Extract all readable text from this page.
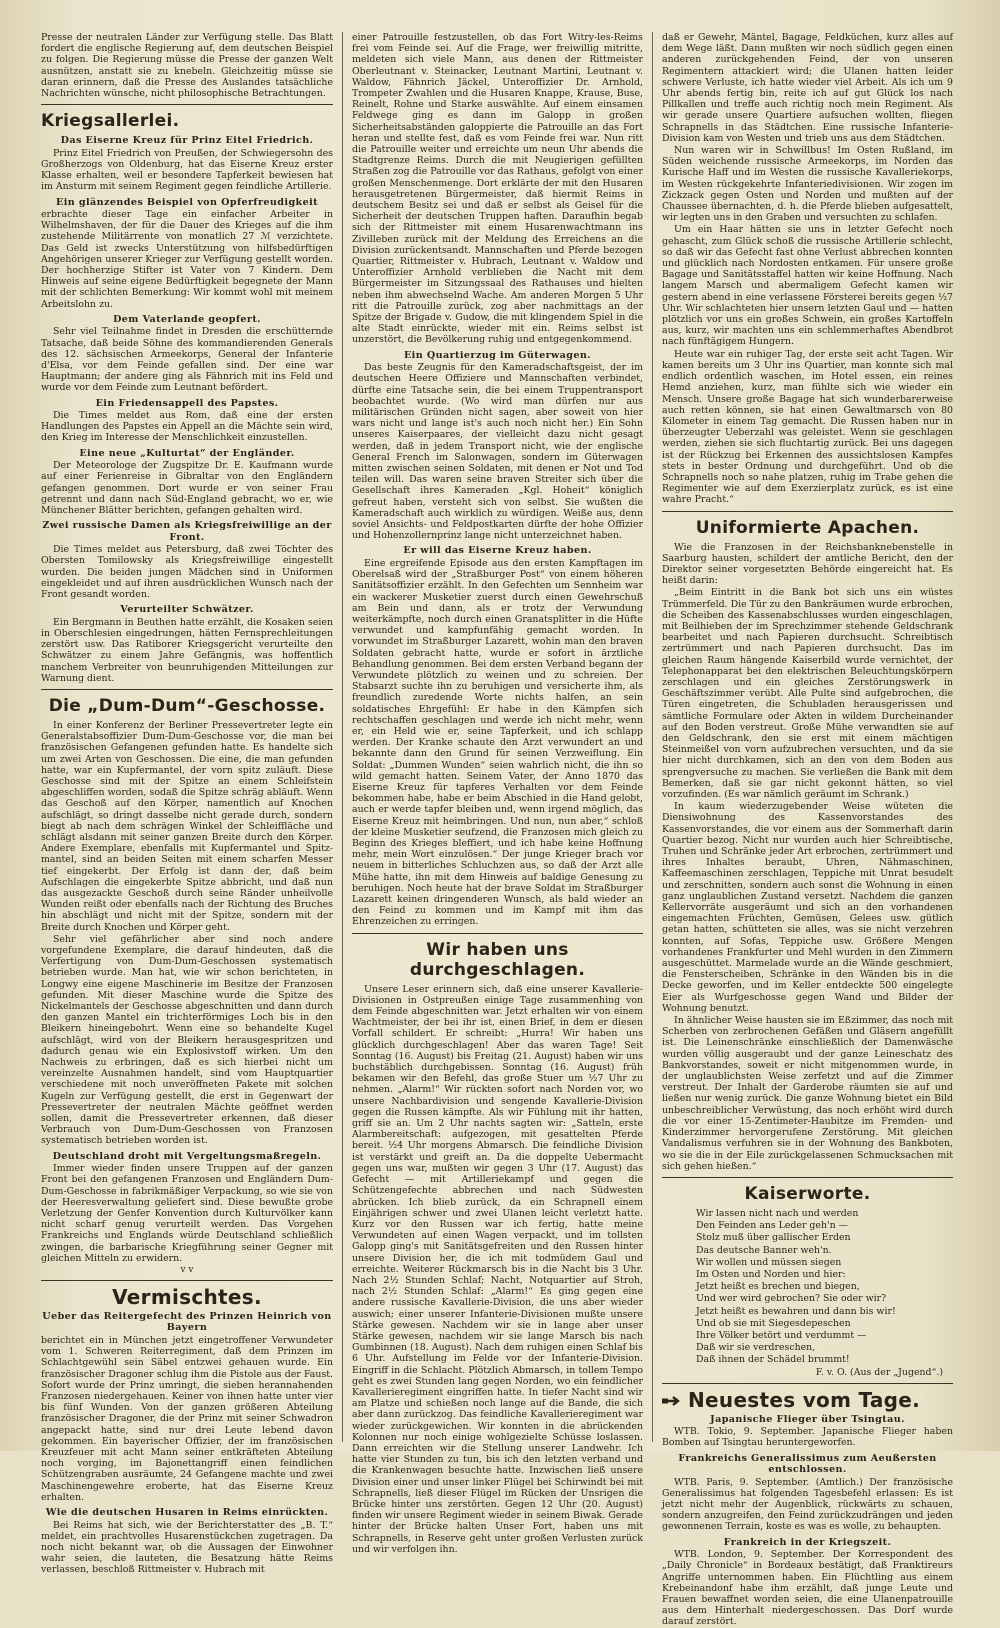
Presse der neutralen Länder zur Verfügung stelle. Das Blatt fordert die englische Regierung auf, dem deutschen Beispiel zu folgen. Die Regierung müsse die Presse der ganzen Welt ausnützen, anstatt sie zu knebeln. Gleichzeitig müsse sie daran erinnern, daß die Presse des Auslandes tatsächliche Nachrichten wünsche, nicht philosophische Betrachtungen.

Kriegsallerlei.
Das Eiserne Kreuz für Prinz Eitel Friedrich.

Prinz Eitel Friedrich von Preußen, der Schwiegersohn des Großherzogs von Oldenburg, hat das Eiserne Kreuz erster Klasse erhalten, weil er besondere Tapferkeit bewiesen hat im Ansturm mit seinem Regiment gegen feindliche Artillerie.

Ein glänzendes Beispiel von Opferfreudigkeit

erbrachte dieser Tage ein einfacher Arbeiter in Wilhelmshaven, der für die Dauer des Krieges auf die ihm zustehende Militärrente von monatlich 27 ℳ verzichtete. Das Geld ist zwecks Unterstützung von hilfsbedürftigen Angehörigen unserer Krieger zur Verfügung gestellt worden. Der hochherzige Stifter ist Vater von 7 Kindern. Dem Hinweis auf seine eigene Bedürftigkeit begegnete der Mann mit der schlichten Bemerkung: Wir kommt wohl mit meinem Arbeitslohn zu.

Dem Vaterlande geopfert.

Sehr viel Teilnahme findet in Dresden die erschütternde Tatsache, daß beide Söhne des kommandierenden Generals des 12. sächsischen Armeekorps, General der Infanterie d'Elsa, vor dem Feinde gefallen sind. Der eine war Hauptmann; der andere ging als Fähnrich mit ins Feld und wurde vor dem Feinde zum Leutnant befördert.

Ein Friedensappell des Papstes.

Die Times meldet aus Rom, daß eine der ersten Handlungen des Papstes ein Appell an die Mächte sein wird, den Krieg im Interesse der Menschlichkeit einzustellen.

Eine neue „Kulturtat“ der Engländer.

Der Meteorologe der Zugspitze Dr. E. Kaufmann wurde auf einer Ferienreise in Gibraltar von den Engländern gefangen genommen. Dort wurde er von seiner Frau getrennt und dann nach Süd-England gebracht, wo er, wie Münchener Blätter berichten, gefangen gehalten wird.

Zwei russische Damen als Kriegsfreiwillige an der Front.

Die Times meldet aus Petersburg, daß zwei Töchter des Obersten Tomilowsky als Kriegsfreiwillige eingestellt wurden. Die beiden jungen Mädchen sind in Uniformen eingekleidet und auf ihren ausdrücklichen Wunsch nach der Front gesandt worden.

Verurteilter Schwätzer.

Ein Bergmann in Beuthen hatte erzählt, die Kosaken seien in Oberschlesien eingedrungen, hätten Fernsprechleitungen zerstört usw. Das Ratiborer Kriegsgericht verurteilte den Schwätzer zu einem Jahre Gefängnis, was hoffentlich manchem Verbreiter von beunruhigenden Mitteilungen zur Warnung dient.

Die „Dum-Dum“-Geschosse.

In einer Konferenz der Berliner Pressevertreter legte ein Generalstabsoffizier Dum-Dum-Geschosse vor, die man bei französischen Gefangenen gefunden hatte. Es handelte sich um zwei Arten von Geschossen. Die eine, die man gefunden hatte, war ein Kupfermantel, der vorn spitz zuläuft. Diese Geschosse sind mit der Spitze an einem Schleifstein abgeschliffen worden, sodaß die Spitze schräg abläuft. Wenn das Geschoß auf den Körper, namentlich auf Knochen aufschlägt, so dringt dasselbe nicht gerade durch, sondern biegt ab nach dem schrägen Winkel der Schleiffläche und schlägt alsdann mit seiner ganzen Breite durch den Körper. Andere Exemplare, ebenfalls mit Kupfermantel und Spitz-mantel, sind an beiden Seiten mit einem scharfen Messer tief eingekerbt. Der Erfolg ist dann der, daß beim Aufschlagen die eingekerbte Spitze abbricht, und daß nun das ausgezackte Geschoß durch seine Ränder unheilvolle Wunden reißt oder ebenfalls nach der Richtung des Bruches hin abschlägt und nicht mit der Spitze, sondern mit der Breite durch Knochen und Körper geht.

Sehr viel gefährlicher aber sind noch andere vorgefundene Exemplare, die darauf hindeuten, daß die Verfertigung von Dum-Dum-Geschossen systematisch betrieben wurde. Man hat, wie wir schon berichteten, in Longwy eine eigene Maschinerie im Besitze der Franzosen gefunden. Mit dieser Maschine wurde die Spitze des Nickelmantels der Geschosse abgeschnitten und dann durch den ganzen Mantel ein trichterförmiges Loch bis in den Bleikern hineingebohrt. Wenn eine so behandelte Kugel aufschlägt, wird von der Bleikern herausgespritzen und dadurch genau wie ein Explosivstoff wirken. Um den Nachweis zu erbringen, daß es sich hierbei nicht um vereinzelte Ausnahmen handelt, sind vom Hauptquartier verschiedene mit noch unveröffneten Pakete mit solchen Kugeln zur Verfügung gestellt, die erst in Gegenwart der Pressevertreter der neutralen Mächte geöffnet werden sollen, damit die Pressevertreter erkennen, daß dieser Verbrauch von Dum-Dum-Geschossen von Franzosen systematisch betrieben worden ist.

Deutschland droht mit Vergeltungsmaßregeln.

Immer wieder finden unsere Truppen auf der ganzen Front bei den gefangenen Franzosen und Engländern Dum-Dum-Geschosse in fabrikmäßiger Verpackung, so wie sie von der Heeresverwaltung geliefert sind. Diese bewußte grobe Verletzung der Genfer Konvention durch Kulturvölker kann nicht scharf genug verurteilt werden. Das Vorgehen Frankreichs und Englands würde Deutschland schließlich zwingen, die barbarische Kriegführung seiner Gegner mit gleichen Mitteln zu erwidern.

v v
Vermischtes.
Ueber das Reitergefecht des Prinzen Heinrich von Bayern

berichtet ein in München jetzt eingetroffener Verwundeter vom 1. Schweren Reiterregiment, daß dem Prinzen im Schlachtgewühl sein Säbel entzwei gehauen wurde. Ein französischer Dragoner schlug ihm die Pistole aus der Faust. Sofort wurde der Prinz umringt, die sieben herannahenden Franzosen niedergehauen. Keiner von ihnen hatte unter vier bis fünf Wunden. Von der ganzen größeren Abteilung französischer Dragoner, die der Prinz mit seiner Schwadron angepackt hatte, sind nur drei Leute lebend davon gekommen. Ein bayerischer Offizier, der im französischen Kreuzfeuer mit acht Mann seiner entkräfteten Abteilung noch vorging, im Bajonettangriff einen feindlichen Schützengraben ausräumte, 24 Gefangene machte und zwei Maschinengewehre eroberte, hat das Eiserne Kreuz erhalten.

Wie die deutschen Husaren in Reims einrückten.

Bei Reims hat sich, wie der Berichterstatter des „B. T.“ meldet, ein prachtvolles Husarenstückchen zugetragen. Da noch nicht bekannt war, ob die Aussagen der Einwohner wahr seien, die lauteten, die Besatzung hätte Reims verlassen, beschloß Rittmeister v. Hubrach mit

einer Patrouille festzustellen, ob das Fort Witry-les-Reims frei vom Feinde sei. Auf die Frage, wer freiwillig mitritte, meldeten sich viele Mann, aus denen der Rittmeister Oberleutnant v. Steinacker, Leutnant Martini, Leutnant v. Waldow, Fähnrich Jäckel, Unteroffizier Dr. Arnhold, Trompeter Zwahlen und die Husaren Knappe, Krause, Buse, Reinelt, Rohne und Starke auswählte. Auf einem einsamen Feldwege ging es dann im Galopp in großen Sicherheitsabständen galoppierte die Patrouille an das Fort heran und stellte fest, daß es vom Feinde frei war. Nun ritt die Patrouille weiter und erreichte um neun Uhr abends die Stadtgrenze Reims. Durch die mit Neugierigen gefüllten Straßen zog die Patrouille vor das Rathaus, gefolgt von einer großen Menschenmenge. Dort erklärte der mit den Husaren herausgetretenen Bürgermeister, daß hiermit Reims in deutschem Besitz sei und daß er selbst als Geisel für die Sicherheit der deutschen Truppen haften. Daraufhin begab sich der Rittmeister mit einem Husarenwachtmann ins Zivilleben zurück mit der Meldung des Erreichens an die Division zurückentsandt. Mannschaften und Pferde bezogen Quartier, Rittmeister v. Hubrach, Leutnant v. Waldow und Unteroffizier Arnhold verblieben die Nacht mit dem Bürgermeister im Sitzungssaal des Rathauses und hielten neben ihm abwechselnd Wache. Am anderen Morgen 5 Uhr ritt die Patrouille zurück, zog aber nachmittags an der Spitze der Brigade v. Gudow, die mit klingendem Spiel in die alte Stadt einrückte, wieder mit ein. Reims selbst ist unzerstört, die Bevölkerung ruhig und entgegenkommend.

Ein Quartierzug im Güterwagen.

Das beste Zeugnis für den Kameradschaftsgeist, der im deutschen Heere Offiziere und Mannschaften verbindet, dürfte eine Tatsache sein, die bei einem Truppentransport beobachtet wurde. (Wo wird man dürfen nur aus militärischen Gründen nicht sagen, aber soweit von hier wars nicht und lange ist's auch noch nicht her.) Ein Sohn unseres Kaiserpaares, der vielleicht dazu nicht gesagt werden, daß in jedem Transport nicht, wie der englische General French im Salonwagen, sondern im Güterwagen mitten zwischen seinen Soldaten, mit denen er Not und Tod teilen will. Das waren seine braven Streiter sich über die Gesellschaft ihres Kameraden „Kgl. Hoheit“ königlich gefreut haben, versteht sich von selbst. Sie wußten die Kameradschaft auch wirklich zu würdigen. Weiße aus, denn soviel Ansichts- und Feldpostkarten dürfte der hohe Offizier und Hohenzollernprinz lange nicht unterzeichnet haben.

Er will das Eiserne Kreuz haben.

Eine ergreifende Episode aus den ersten Kampftagen im Oberelsaß wird der „Straßburger Post“ von einem höheren Sanitätsoffizier erzählt. In den Gefechten um Sennheim war ein wackerer Musketier zuerst durch einen Gewehrschuß am Bein und dann, als er trotz der Verwundung weiterkämpfte, noch durch einen Granatsplitter in die Hüfte verwundet und kampfunfähig gemacht worden. In vorwundet im Straßburger Lazarett, wohin man den braven Soldaten gebracht hatte, wurde er sofort in ärztliche Behandlung genommen. Bei dem ersten Verband begann der Verwundete plötzlich zu weinen und zu schreien. Der Stabsarzt suchte ihn zu beruhigen und versicherte ihm, als freundlich zuredende Worte nichts halfen, an sein soldatisches Ehrgefühl: Er habe in den Kämpfen sich rechtschaffen geschlagen und werde ich nicht mehr, wenn er, ein Held wie er, seine Tapferkeit, und ich schlapp werden. Der Kranke schaute den Arzt verwundert an und bekannte dann den Grund für seinen Verzweiflung. Ein Soldat: „Dummen Wunden“ seien wahrlich nicht, die ihn so wild gemacht hatten. Seinem Vater, der Anno 1870 das Eiserne Kreuz für tapferes Verhalten vor dem Feinde bekommen habe, habe er beim Abschied in die Hand gelobt, auch er werde tapfer bleiben und, wenn irgend möglich, das Eiserne Kreuz mit heimbringen. Und nun, nun aber,“ schloß der kleine Musketier seufzend, die Franzosen mich gleich zu Beginn des Krieges bleffiert, und ich habe keine Hoffnung mehr, mein Wort einzulösen.“ Der junge Krieger brach vor neuem in bitterliches Schluchzen aus, so daß der Arzt alle Mühe hatte, ihn mit dem Hinweis auf baldige Genesung zu beruhigen. Noch heute hat der brave Soldat im Straßburger Lazarett keinen dringenderen Wunsch, als bald wieder an den Feind zu kommen und im Kampf mit ihm das Ehrenzeichen zu erringen.

Wir haben uns durchgeschlagen.

Unsere Leser erinnern sich, daß eine unserer Kavallerie-Divisionen in Ostpreußen einige Tage zusammenhing von dem Feinde abgeschnitten war. Jetzt erhalten wir von einem Wachtmeister, der bei ihr ist, einen Brief, in dem er diesen Vorfall schildert. Er schreibt: „Hurra! Wir haben uns glücklich durchgeschlagen! Aber das waren Tage! Seit Sonntag (16. August) bis Freitag (21. August) haben wir uns buchstäblich durchgebissen. Sonntag (16. August) früh bekamen wir den Befehl, das große Stuer um ½7 Uhr zu nehmen. „Alarm!“ Wir rückten sofort nach Norden vor, wo unsere Nachbardivision und sengende Kavallerie-Division gegen die Russen kämpfte. Als wir Fühlung mit ihr hatten, griff sie an. Um 2 Uhr nachts sagten wir: „Satteln, erste Alarmbereitschaft: aufgezogen, mit gesattelten Pferde bereit. ½4 Uhr morgens Abmarsch. Die feindliche Division ist verstärkt und greift an. Da die doppelte Uebermacht gegen uns war, mußten wir gegen 3 Uhr (17. August) das Gefecht — mit Artilleriekampf und gegen die Schützengefechte abbrechen und nach Südwesten abrücken. Ich blieb zurück, da ein Schrapnell einem Einjährigen schwer und zwei Ulanen leicht verletzt hatte. Kurz vor den Russen war ich fertig, hatte meine Verwundeten auf einen Wagen verpackt, und im tollsten Galopp ging's mit Sanitätsgefreiten und den Russen hinter unsere Division her, die ich mit todmüdem Gaul und erreichte. Weiterer Rückmarsch bis in die Nacht bis 3 Uhr. Nach 2½ Stunden Schlaf; Nacht, Notquartier auf Stroh, nach 2½ Stunden Schlaf: „Alarm!“ Es ging gegen eine andere russische Kavallerie-Division, die uns aber wieder auswich; einer unserer Infanterie-Divisionen mußte unsere Stärke gewesen. Nachdem wir sie in lange aber unser Stärke gewesen, nachdem wir sie lange Marsch bis nach Gumbinnen (18. August). Nach dem ruhigen einen Schlaf bis 6 Uhr. Aufstellung im Felde vor der Infanterie-Division. Eingriff in die Schlacht. Plötzlich Abmarsch, in tollem Tempo geht es zwei Stunden lang gegen Norden, wo ein feindlicher Kavallerieregiment eingriffen hatte. In tiefer Nacht sind wir am Platze und schießen noch lange auf die Bande, die sich aber dann zurückzog. Das feindliche Kavallerieregiment war wieder zurückgewichen. Wir konnten in die abrückenden Kolonnen nur noch einige wohlgezielte Schüsse loslassen. Dann erreichten wir die Stellung unserer Landwehr. Ich hatte vier Stunden zu tun, bis ich den letzten verband und die Krankenwagen besuchte hatte. Inzwischen ließ unsere Division einer und unser linker Flügel bei Schirwindt bei mit Schrapnells, ließ dieser Flügel im Rücken der Unsrigen die Brücke hinter uns zerstörten. Gegen 12 Uhr (20. August) finden wir unsere Regiment wieder in seinem Biwak. Gerade hinter der Brücke halten Unser Fort, haben uns mit Schrapnells, in Reserve geht unter großen Verlusten zurück und wir verfolgen ihn.

daß er Gewehr, Mäntel, Bagage, Feldküchen, kurz alles auf dem Wege läßt. Dann mußten wir noch südlich gegen einen anderen zurückgehenden Feind, der von unseren Regimentern attackiert wird; die Ulanen hatten leider schwere Verluste, ich hatte wieder viel Arbeit. Als ich um 9 Uhr abends fertig bin, reite ich auf gut Glück los nach Pillkallen und treffe auch richtig noch mein Regiment. Als wir gerade unsere Quartiere aufsuchen wollten, fliegen Schrapnells in das Städtchen. Eine russische Infanterie-Division kam von Westen und trieb uns aus dem Städtchen.

Nun waren wir in Schwillbus! Im Osten Rußland, im Süden weichende russische Armeekorps, im Norden das Kurische Haff und im Westen die russische Kavalleriekorps, im Westen rückgekehrte Infanteriedivisionen. Wir zogen im Zickzack gegen Osten und Norden und mußten auf der Chaussee übernachten, d. h. die Pferde blieben aufgesattelt, wir legten uns in den Graben und versuchten zu schlafen.

Um ein Haar hätten sie uns in letzter Gefecht noch gehascht, zum Glück schoß die russische Artillerie schlecht, so daß wir das Gefecht fast ohne Verlust abbrechen konnten und glücklich nach Nordosten entkamen. Für unsere große Bagage und Sanitätsstaffel hatten wir keine Hoffnung. Nach langem Marsch und abermaligem Gefecht kamen wir gestern abend in eine verlassene Försterei bereits gegen ½7 Uhr. Wir schlachteten hier unsern letzten Gaul und — hatten plötzlich vor uns ein großes Schwein, ein großes Kartoffeln aus, kurz, wir machten uns ein schlemmerhaftes Abendbrot nach fünftägigem Hungern.

Heute war ein ruhiger Tag, der erste seit acht Tagen. Wir kamen bereits um 3 Uhr ins Quartier, man konnte sich mal endlich ordentlich waschen, im Hotel essen, ein reines Hemd anziehen, kurz, man fühlte sich wie wieder ein Mensch. Unsere große Bagage hat sich wunderbarerweise auch retten können, sie hat einen Gewaltmarsch von 80 Kilometer in einem Tag gemacht. Die Russen haben nur in überzeugter Ueberzahl was geleistet. Wenn sie geschlagen werden, ziehen sie sich fluchtartig zurück. Bei uns dagegen ist der Rückzug bei Erkennen des aussichtslosen Kampfes stets in bester Ordnung und durchgeführt. Und ob die Schrapnells noch so nahe platzen, ruhig im Trabe gehen die Regimenter wie auf dem Exerzierplatz zurück, es ist eine wahre Pracht.“

Uniformierte Apachen.

Wie die Franzosen in der Reichsbanknebenstelle in Saarburg hausten, schildert der amtliche Bericht, den der Direktor seiner vorgesetzten Behörde eingereicht hat. Es heißt darin:

„Beim Eintritt in die Bank bot sich uns ein wüstes Trümmerfeld. Die Tür zu den Bankräumen wurde erbrochen, die Scheiben des Kassenabschlusses wurden eingeschlagen, mit Beilhieben der im Sprechzimmer stehende Geldschrank bearbeitet und nach Papieren durchsucht. Schreibtisch zertrümmert und nach Papieren durchsucht. Das im gleichen Raum hängende Kaiserbild wurde vernichtet, der Telephonapparat bei den elektrischen Beleuchtungskörpern zerschlagen und ein gleiches Zerstörungswerk in Geschäftszimmer verübt. Alle Pulte sind aufgebrochen, die Türen eingetreten, die Schubladen herausgerissen und sämtliche Formulare oder Akten in wildem Durcheinander auf den Boden verstreut. Große Mühe verwandten sie auf den Geldschrank, den sie erst mit einem mächtigen Steinmeißel von vorn aufzubrechen versuchten, und da sie hier nicht durchkamen, sich an den von dem Boden aus sprengversuche zu machen. Sie verließen die Bank mit dem Bemerken, daß sie gar nicht gekonnt hätten, so viel vorzufinden. (Es war nämlich geräumt im Schrank.)

In kaum wiederzugebender Weise wüteten die Diensiwohnung des Kassenvorstandes des Kassenvorstandes, die vor einem aus der Sommerhaft darin Quartier bezog. Nicht nur wurden auch hier Schreibtische, Truhen und Schränke jeder Art erbrochen, zertrümmert und ihres Inhaltes beraubt, Uhren, Nähmaschinen, Kaffeemaschinen zerschlagen, Teppiche mit Unrat besudelt und zerschnitten, sondern auch sonst die Wohnung in einen ganz unglaublichen Zustand versetzt. Nachdem die ganzen Kellervorräte ausgeräumt und sich an den vorhandenen eingemachten Früchten, Gemüsen, Gelees usw. gütlich getan hatten, schütteten sie alles, was sie nicht verzehren konnten, auf Sofas, Teppiche usw. Größere Mengen vorhandenes Frankfurter und Mehl wurden in den Zimmern ausgeschüttet. Marmelade wurde an die Wände geschmiert, die Fensterscheiben, Schränke in den Wänden bis in die Decke geworfen, und im Keller entdeckte 500 eingelegte Eier als Wurfgeschosse gegen Wand und Bilder der Wohnung benutzt.

In ähnlicher Weise hausten sie im Eßzimmer, das noch mit Scherben von zerbrochenen Gefäßen und Gläsern angefüllt ist. Die Leinenschränke einschließlich der Damenwäsche wurden völlig ausgeraubt und der ganze Leineschatz des Bankvorstandes, soweit er nicht mitgenommen wurde, in der unglaublichsten Weise zerfetzt und auf die Zimmer verstreut. Der Inhalt der Garderobe räumten sie auf und ließen nur wenig zurück. Die ganze Wohnung bietet ein Bild unbeschreiblicher Verwüstung, das noch erhöht wird durch die vor einer 15-Zentimeter-Haubitze im Fremden- und Kinderzimmer hervorgerufene Zerstörung. Mit gleichen Vandalismus verfuhren sie in der Wohnung des Bankboten, wo sie die in der Eile zurückgelassenen Schmucksachen mit sich gehen hießen.“

Kaiserworte.

Wir lassen nicht nach und werden

Den Feinden ans Leder geh'n —

Stolz muß über gallischer Erden

Das deutsche Banner weh'n.

Wir wollen und müssen siegen

Im Osten und Norden und hier:

Jetzt heißt es brechen und biegen,

Und wer wird gebrochen? Sie oder wir?

Jetzt heißt es bewahren und dann bis wir!

Und ob sie mit Siegesdepeschen

Ihre Völker betört und verdummt —

Daß wir sie verdreschen,

Daß ihnen der Schädel brummt!

F. v. O. (Aus der „Jugend“.)

Neuestes vom Tage.
Japanische Flieger über Tsingtau.

WTB. Tokio, 9. September. Japanische Flieger haben Bomben auf Tsingtau heruntergeworfen.

Frankreichs Generalissimus zum Aeußersten entschlossen.

WTB. Paris, 9. September. (Amtlich.) Der französische Generalissimus hat folgenden Tagesbefehl erlassen: Es ist jetzt nicht mehr der Augenblick, rückwärts zu schauen, sondern anzugreifen, den Feind zurückzudrängen und jeden gewonnenen Terrain, koste es was es wolle, zu behaupten.

Frankreich in der Kriegszeit.

WTB. London, 9. September. Der Korrespondent des „Daily Chronicle“ in Bordeaux bestätigt, daß Franktireurs Angriffe unternommen haben. Ein Flüchtling aus einem Krebeinandonf habe ihm erzählt, daß junge Leute und Frauen bewaffnet worden seien, die eine Ulanenpatrouille aus dem Hinterhalt niedergeschossen. Das Dorf wurde darauf zerstört.
